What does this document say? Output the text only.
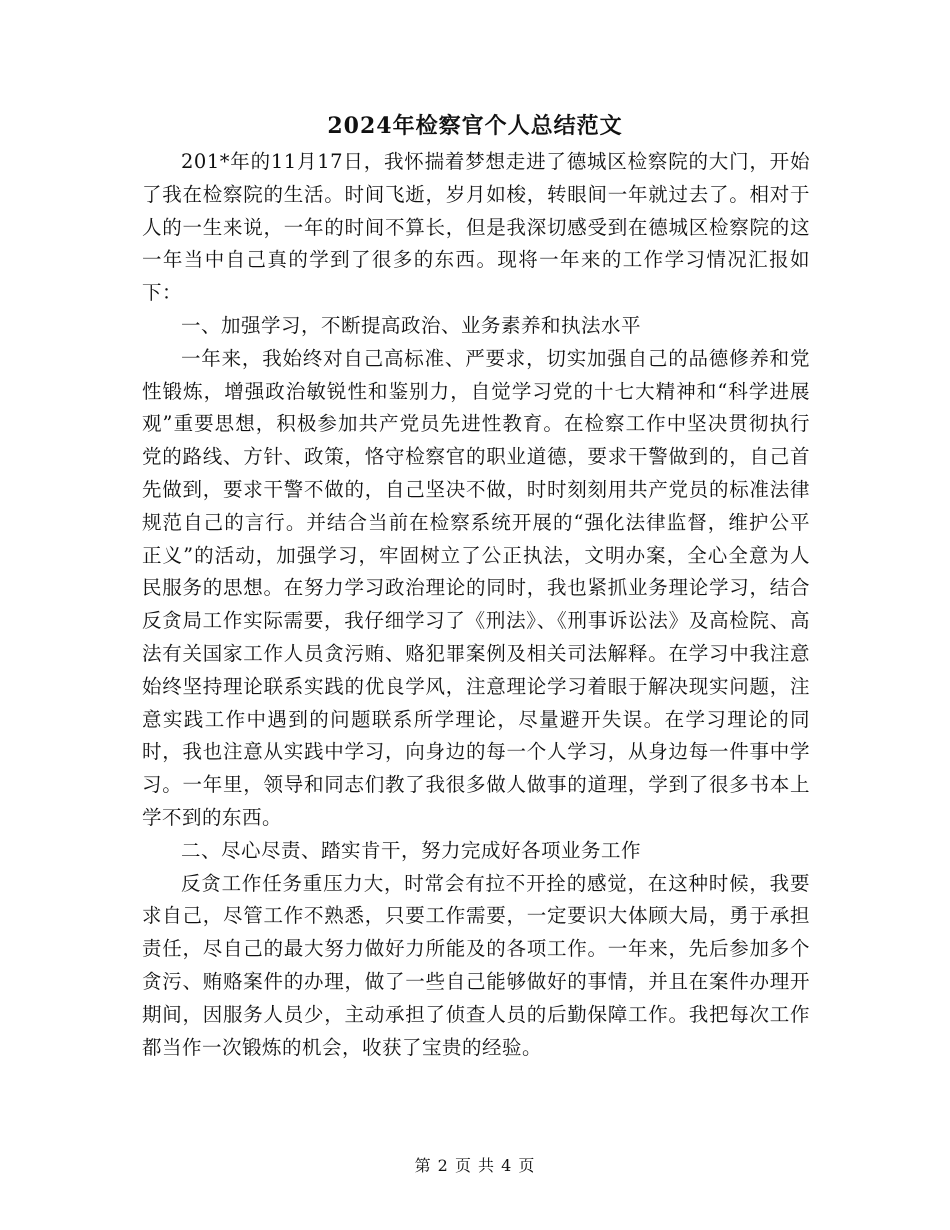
2024年检察官个人总结范文

201*年的11月17日，我怀揣着梦想走进了德城区检察院的大门，开始了我在检察院的生活。时间飞逝，岁月如梭，转眼间一年就过去了。相对于人的一生来说，一年的时间不算长，但是我深切感受到在德城区检察院的这一年当中自己真的学到了很多的东西。现将一年来的工作学习情况汇报如下：

一、加强学习，不断提高政治、业务素养和执法水平

一年来，我始终对自己高标准、严要求，切实加强自己的品德修养和党性锻炼，增强政治敏锐性和鉴别力，自觉学习党的十七大精神和“科学进展观”重要思想，积极参加共产党员先进性教育。在检察工作中坚决贯彻执行党的路线、方针、政策，恪守检察官的职业道德，要求干警做到的，自己首先做到，要求干警不做的，自己坚决不做，时时刻刻用共产党员的标准法律规范自己的言行。并结合当前在检察系统开展的“强化法律监督，维护公平正义”的活动，加强学习，牢固树立了公正执法，文明办案，全心全意为人民服务的思想。在努力学习政治理论的同时，我也紧抓业务理论学习，结合反贪局工作实际需要，我仔细学习了《刑法》、《刑事诉讼法》及高检院、高法有关国家工作人员贪污贿、赂犯罪案例及相关司法解释。在学习中我注意始终坚持理论联系实践的优良学风，注意理论学习着眼于解决现实问题，注意实践工作中遇到的问题联系所学理论，尽量避开失误。在学习理论的同时，我也注意从实践中学习，向身边的每一个人学习，从身边每一件事中学习。一年里，领导和同志们教了我很多做人做事的道理，学到了很多书本上学不到的东西。

二、尽心尽责、踏实肯干，努力完成好各项业务工作

反贪工作任务重压力大，时常会有拉不开拴的感觉，在这种时候，我要求自己，尽管工作不熟悉，只要工作需要，一定要识大体顾大局，勇于承担责任，尽自己的最大努力做好力所能及的各项工作。一年来，先后参加多个贪污、贿赂案件的办理，做了一些自己能够做好的事情，并且在案件办理开期间，因服务人员少，主动承担了侦查人员的后勤保障工作。我把每次工作都当作一次锻炼的机会，收获了宝贵的经验。

第 2 页 共 4 页
